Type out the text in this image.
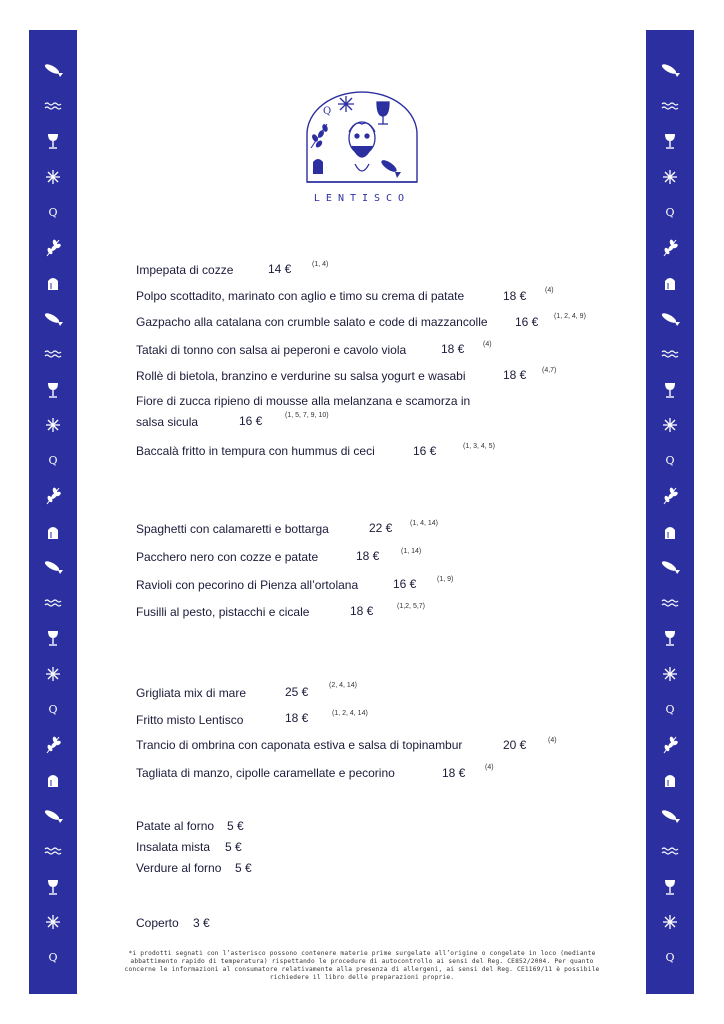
Q
Q
Q
Q
Q
Q
Q
Q
Q
LENTISCO
Impepata di cozze	14 €	(1, 4)
Polpo scottadito, marinato con aglio e timo su crema di patate	18 €	(4)
Gazpacho alla catalana con crumble salato e code di mazzancolle 16 € (1, 2, 4, 9)
Tataki di tonno con salsa ai peperoni e cavolo viola	18 €	(4)
Rollè di bietola, branzino e verdurine su salsa yogurt e wasabi	18 € (4,7)
Fiore di zucca ripieno di mousse alla melanzana e scamorza in
salsa sicula	16 €	(1, 5, 7, 9, 10)
Baccalà fritto in tempura con hummus di ceci	16 €	(1, 3, 4, 5)
Spaghetti con calamaretti e bottarga	22 €	(1, 4, 14)
Pacchero nero con cozze e patate	18 €	(1, 14)
Ravioli con pecorino di Pienza all’ortolana	16 €	(1, 9)
Fusilli al pesto, pistacchi e cicale	18 €	(1,2, 5,7)
Grigliata mix di mare	25 €	(2, 4, 14)
Fritto misto Lentisco	18 €	(1, 2, 4, 14)
Trancio di ombrina con caponata estiva e salsa di topinambur	20 €	(4)
Tagliata di manzo, cipolle caramellate e pecorino	18 €	(4)
Patate al forno 5 €
Insalata mista 5 €
Verdure al forno 5 €
Coperto 3 €
*i prodotti segnati con l’asterisco possono contenere materie prime surgelate all’origine o congelate in loco (mediante
abbattimento rapido di temperatura) rispettando le procedure di autocontrollo ai sensi del Reg. CE852/2004. Per quanto
concerne le informazioni al consumatore relativamente alla presenza di allergeni, ai sensi del Reg. CE1169/11 è possibile
richiedere il libro delle preparazioni proprie.
